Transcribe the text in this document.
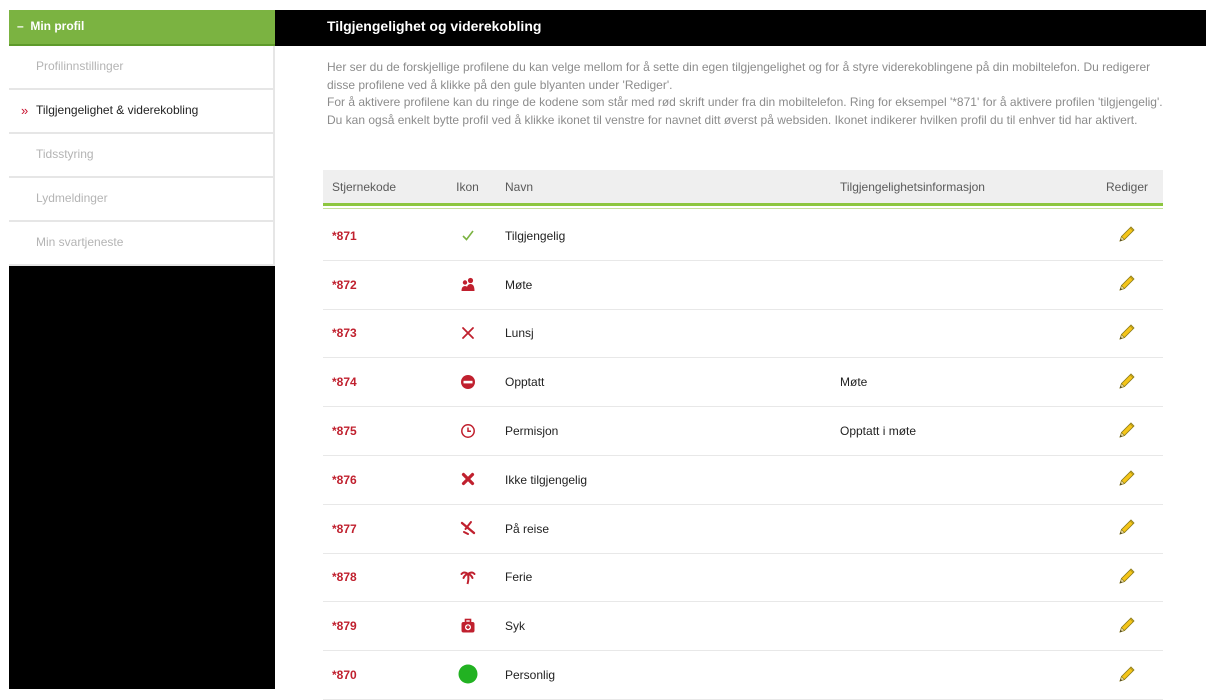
– Min profil
Profilinnstillinger
» Tilgjengelighet & viderekobling
Tidsstyring
Lydmeldinger
Min svartjeneste
Tilgjengelighet og viderekobling

Her ser du de forskjellige profilene du kan velge mellom for å sette din egen tilgjengelighet og for å styre viderekoblingene på din mobiltelefon. Du redigerer disse profilene ved å klikke på den gule blyanten under 'Rediger'.

For å aktivere profilene kan du ringe de kodene som står med rød skrift under fra din mobiltelefon. Ring for eksempel '*871' for å aktivere profilen 'tilgjengelig'. Du kan også enkelt bytte profil ved å klikke ikonet til venstre for navnet ditt øverst på websiden. Ikonet indikerer hvilken profil du til enhver tid har aktivert.

Stjernekode	Ikon	Navn	Tilgjengelighetsinformasjon	Rediger
*871	Tilgjengelig
*872	Møte
*873	Lunsj
*874	Opptatt	Møte
*875	Permisjon	Opptatt i møte
*876	Ikke tilgjengelig
*877	På reise
*878	Ferie
*879	Syk
*870	Personlig
